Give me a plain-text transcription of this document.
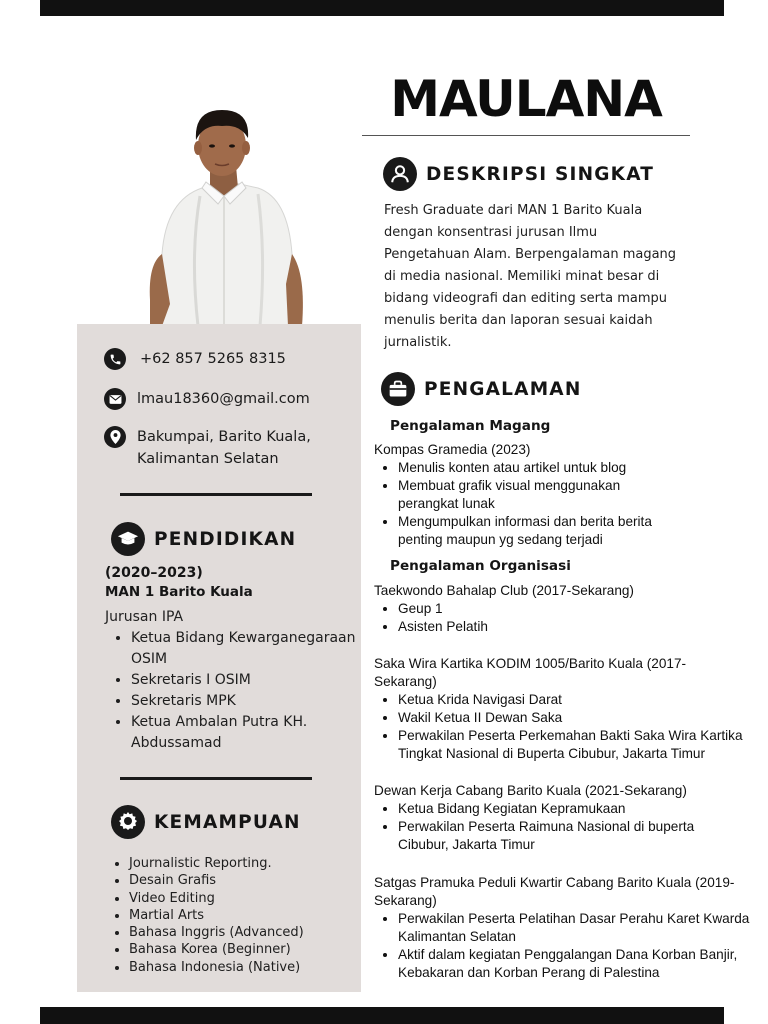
MAULANA
+62 857 5265 8315
lmau18360@gmail.com
Bakumpai, Barito Kuala,
Kalimantan Selatan
PENDIDIKAN
(2020–2023)
MAN 1 Barito Kuala
Jurusan IPA
• Ketua Bidang Kewarganegaraan OSIM
• Sekretaris I OSIM
• Sekretaris MPK
• Ketua Ambalan Putra KH. Abdussamad
KEMAMPUAN
• Journalistic Reporting.
• Desain Grafis
• Video Editing
• Martial Arts
• Bahasa Inggris (Advanced)
• Bahasa Korea (Beginner)
• Bahasa Indonesia (Native)
DESKRIPSI SINGKAT
Fresh Graduate dari MAN 1 Barito Kuala dengan konsentrasi jurusan Ilmu Pengetahuan Alam. Berpengalaman magang di media nasional. Memiliki minat besar di bidang videografi dan editing serta mampu menulis berita dan laporan sesuai kaidah jurnalistik.
PENGALAMAN
Pengalaman Magang
Kompas Gramedia (2023)
• Menulis konten atau artikel untuk blog
• Membuat grafik visual menggunakan perangkat lunak
• Mengumpulkan informasi dan berita berita penting maupun yg sedang terjadi
Pengalaman Organisasi
Taekwondo Bahalap Club (2017-Sekarang)
• Geup 1
• Asisten Pelatih
Saka Wira Kartika KODIM 1005/Barito Kuala (2017-Sekarang)
• Ketua Krida Navigasi Darat
• Wakil Ketua II Dewan Saka
• Perwakilan Peserta Perkemahan Bakti Saka Wira Kartika Tingkat Nasional di Buperta Cibubur, Jakarta Timur
Dewan Kerja Cabang Barito Kuala (2021-Sekarang)
• Ketua Bidang Kegiatan Kepramukaan
• Perwakilan Peserta Raimuna Nasional di buperta Cibubur, Jakarta Timur
Satgas Pramuka Peduli Kwartir Cabang Barito Kuala (2019-Sekarang)
• Perwakilan Peserta Pelatihan Dasar Perahu Karet Kwarda Kalimantan Selatan
• Aktif dalam kegiatan Penggalangan Dana Korban Banjir, Kebakaran dan Korban Perang di Palestina
